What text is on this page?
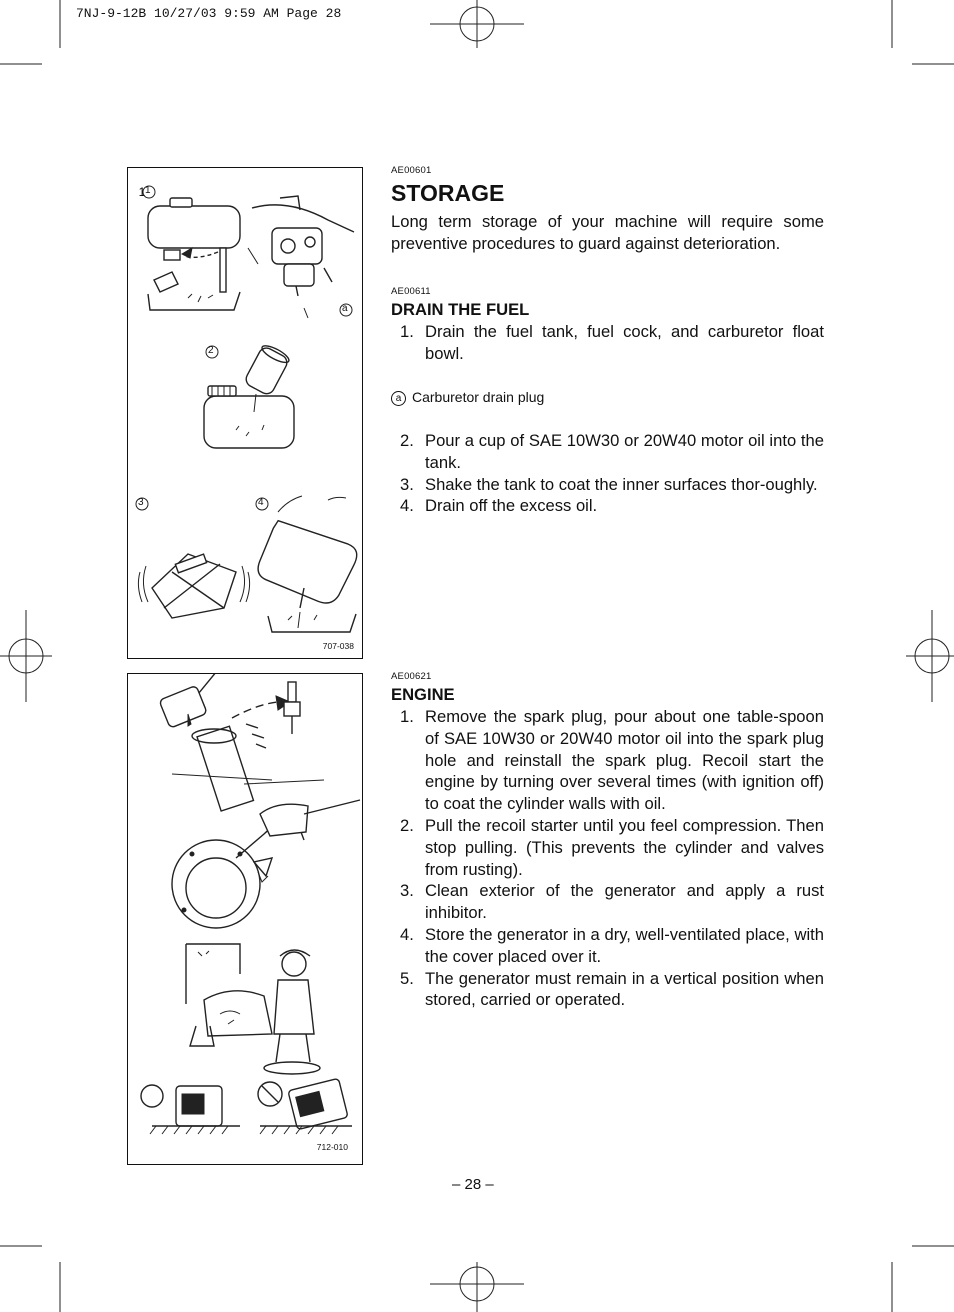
7NJ-9-12B 10/27/03 9:59 AM Page 28
1 1
2
3	4
a
707-038
712-010
AE00601
STORAGE
Long term storage of your machine will require some preventive procedures to guard against deterioration.
AE00611
DRAIN THE FUEL
1. Drain the fuel tank, fuel cock, and carburetor float bowl.
a Carburetor drain plug
2. Pour a cup of SAE 10W30 or 20W40 motor oil into the tank.
3. Shake the tank to coat the inner surfaces thor-oughly.
4. Drain off the excess oil.
AE00621
ENGINE
1. Remove the spark plug, pour about one table-spoon of SAE 10W30 or 20W40 motor oil into the spark plug hole and reinstall the spark plug. Recoil start the engine by turning over several times (with ignition off) to coat the cylinder walls with oil.
2. Pull the recoil starter until you feel compression. Then stop pulling. (This prevents the cylinder and valves from rusting).
3. Clean exterior of the generator and apply a rust inhibitor.
4. Store the generator in a dry, well-ventilated place, with the cover placed over it.
5. The generator must remain in a vertical position when stored, carried or operated.
– 28 –
